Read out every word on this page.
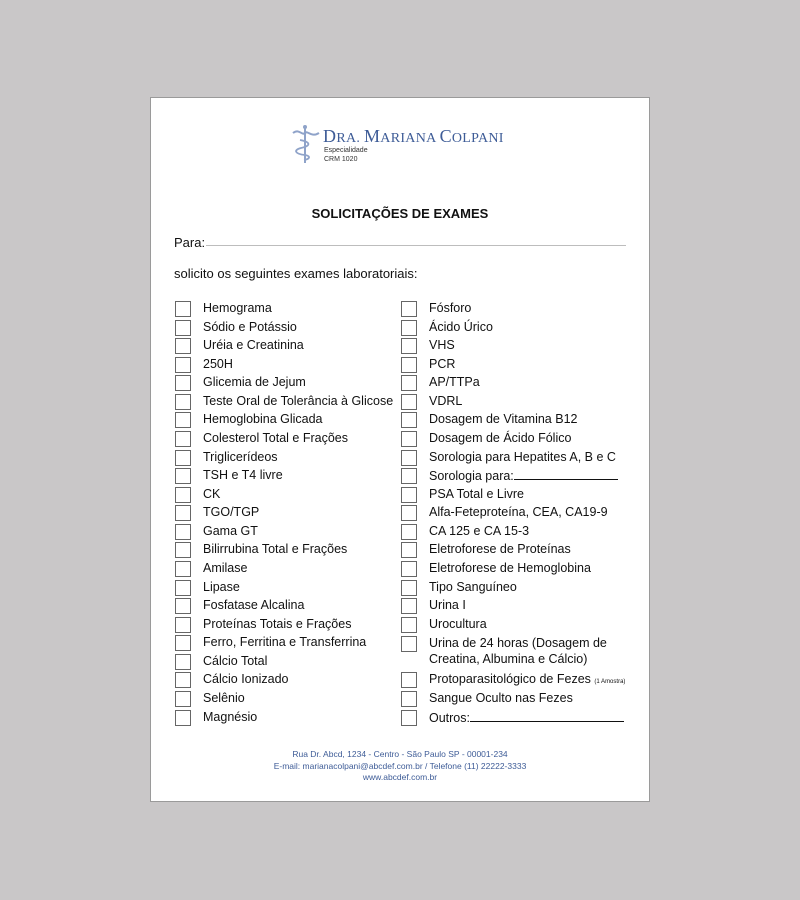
DRA. MARIANA COLPANI
Especialidade
CRM 1020
SOLICITAÇÕES DE EXAMES
Para:
solicito os seguintes exames laboratoriais:
Hemograma
Sódio e Potássio
Uréia e Creatinina
250H
Glicemia de Jejum
Teste Oral de Tolerância à Glicose
Hemoglobina Glicada
Colesterol Total e Frações
Triglicerídeos
TSH e T4 livre
CK
TGO/TGP
Gama GT
Bilirrubina Total e Frações
Amilase
Lipase
Fosfatase Alcalina
Proteínas Totais e Frações
Ferro, Ferritina e Transferrina
Cálcio Total
Cálcio Ionizado
Selênio
Magnésio
Fósforo
Ácido Úrico
VHS
PCR
AP/TTPa
VDRL
Dosagem de Vitamina B12
Dosagem de Ácido Fólico
Sorologia para Hepatites A, B e C
Sorologia para:
PSA Total e Livre
Alfa-Feteproteína, CEA, CA19-9
CA 125 e CA 15-3
Eletroforese de Proteínas
Eletroforese de Hemoglobina
Tipo Sanguíneo
Urina I
Urocultura
Urina de 24 horas (Dosagem de Creatina, Albumina e Cálcio)
Protoparasitológico de Fezes (1 Amostra)
Sangue Oculto nas Fezes
Outros:
Rua Dr. Abcd, 1234 - Centro - São Paulo SP - 00001-234
E-mail: marianacolpani@abcdef.com.br / Telefone (11) 22222-3333
www.abcdef.com.br
